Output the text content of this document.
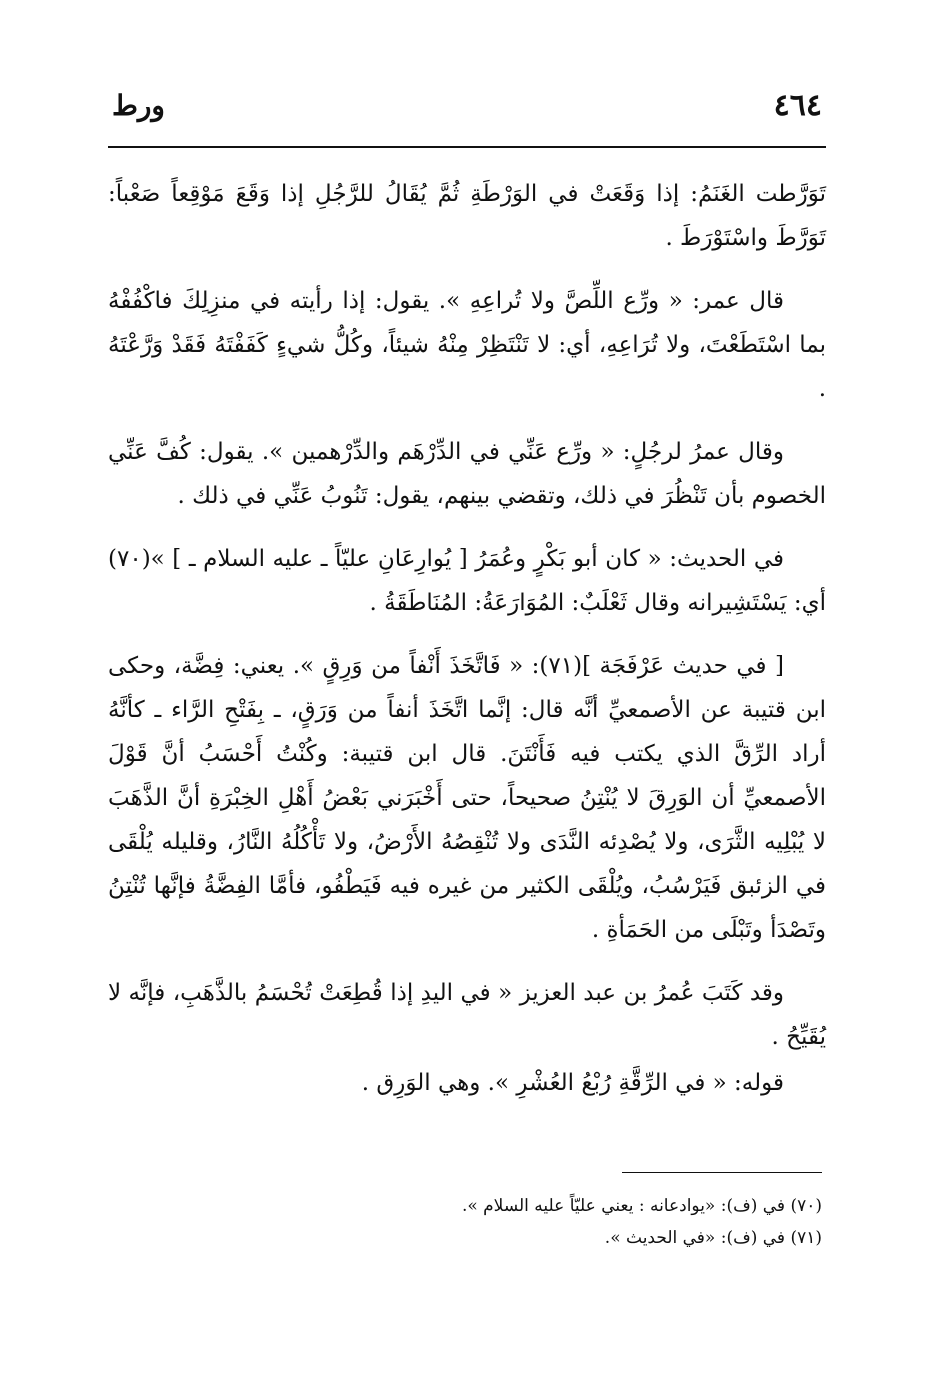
٤٦٤
ورط

تَوَرَّطت الغَنَمُ: إذا وَقَعَتْ في الوَرْطَةِ ثُمَّ يُقَالُ للرَّجُلِ إذا وَقَعَ مَوْقِعاً صَعْباً: تَوَرَّطَ واسْتَوْرَطَ .

قال عمر: « ورِّع اللِّصَّ ولا تُراعِهِ ». يقول: إذا رأيته في منزِلِكَ فاكْفُفْهُ بما اسْتَطَعْتَ، ولا تُرَاعِهِ، أي: لا تَنْتَظِرْ مِنْهُ شيئاً، وكُلُّ شيءٍ كَفَفْتَهُ فَقَدْ وَرَّعْتَهُ .

وقال عمرُ لرجُلٍ: « ورِّع عَنِّي في الدِّرْهَم والدِّرْهمين ». يقول: كُفَّ عَنِّي الخصوم بأن تَنْظُرَ في ذلك، وتقضي بينهم، يقول: تَنُوبُ عَنِّي في ذلك .

في الحديث: « كان أبو بَكْرٍ وعُمَرُ [ يُوارِعَانِ عليّاً ـ عليه السلام ـ ] »(٧٠) أي: يَسْتَشِيرانه وقال ثَعْلَبٌ: المُوَارَعَةُ: المُنَاطَقَةُ .

[ في حديث عَرْفَجَة ](٧١): « فَاتَّخَذَ أَنْفاً من وَرِقٍ ». يعني: فِضَّة، وحكى ابن قتيبة عن الأصمعيِّ أنَّه قال: إنَّما اتَّخَذَ أنفاً من وَرَقٍ، ـ بِفَتْحِ الرَّاء ـ كأنَّهُ أراد الرِّقَّ الذي يكتب فيه فَأَنْتَنَ. قال ابن قتيبة: وكُنْتُ أَحْسَبُ أنَّ قَوْلَ الأصمعيِّ أن الوَرِقَ لا يُنْتِنُ صحيحاً، حتى أَخْبَرَني بَعْضُ أَهْلِ الخِبْرَةِ أنَّ الذَّهَبَ لا يُبْلِيه الثَّرَى، ولا يُصْدِئه النَّدَى ولا تُنْقِصُهُ الأَرْضُ، ولا تَأْكُلُهُ النَّارُ، وقليله يُلْقَى في الزئبق فَيَرْسُبُ، ويُلْقَى الكثير من غيره فيه فَيَطْفُو، فأمَّا الفِضَّةُ فإنَّها تُنْتِنُ وتَصْدَأ وتَبْلَى من الحَمَأةِ .

وقد كَتَبَ عُمرُ بن عبد العزيز « في اليدِ إذا قُطِعَتْ تُحْسَمُ بالذَّهَبِ، فإنَّه لا يُقَيِّحُ .

قوله: « في الرِّقَّةِ رُبْعُ العُشْرِ ». وهي الوَرِق .

(٧٠) في (ف): «يوادعانه : يعني عليّاً عليه السلام ».
(٧١) في (ف): «في الحديث ».
